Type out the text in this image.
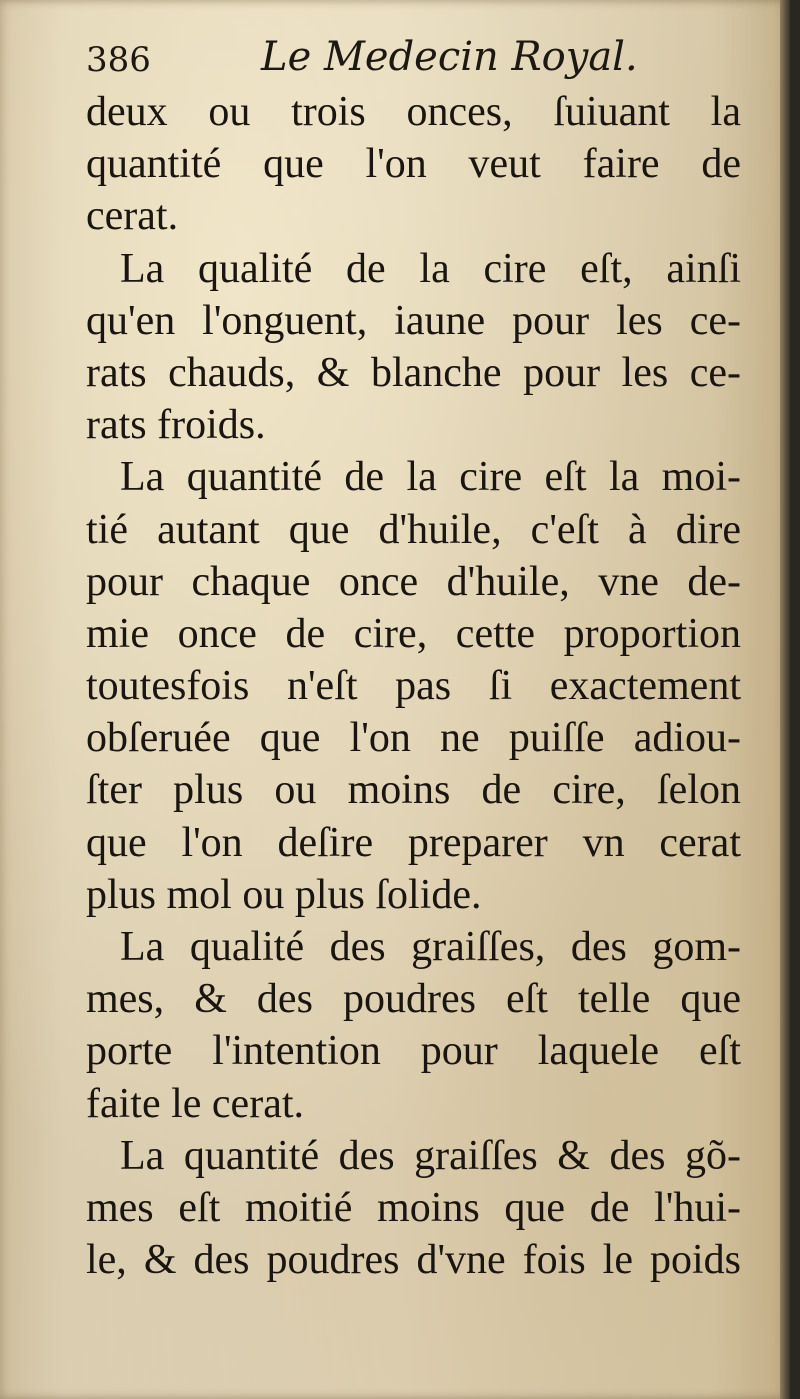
386	Le Medecin Royal.
deux ou trois onces, ſuiuant la
quantité que l'on veut faire de
cerat.
La qualité de la cire eſt, ainſi
qu'en l'onguent, iaune pour les ce-
rats chauds, & blanche pour les ce-
rats froids.
La quantité de la cire eſt la moi-
tié autant que d'huile, c'eſt à dire
pour chaque once d'huile, vne de-
mie once de cire, cette proportion
toutesfois n'eſt pas ſi exactement
obſeruée que l'on ne puiſſe adiou-
ſter plus ou moins de cire, ſelon
que l'on deſire preparer vn cerat
plus mol ou plus ſolide.
La qualité des graiſſes, des gom-
mes, & des poudres eſt telle que
porte l'intention pour laquele eſt
faite le cerat.
La quantité des graiſſes & des gõ-
mes eſt moitié moins que de l'hui-
le, & des poudres d'vne fois le poids
